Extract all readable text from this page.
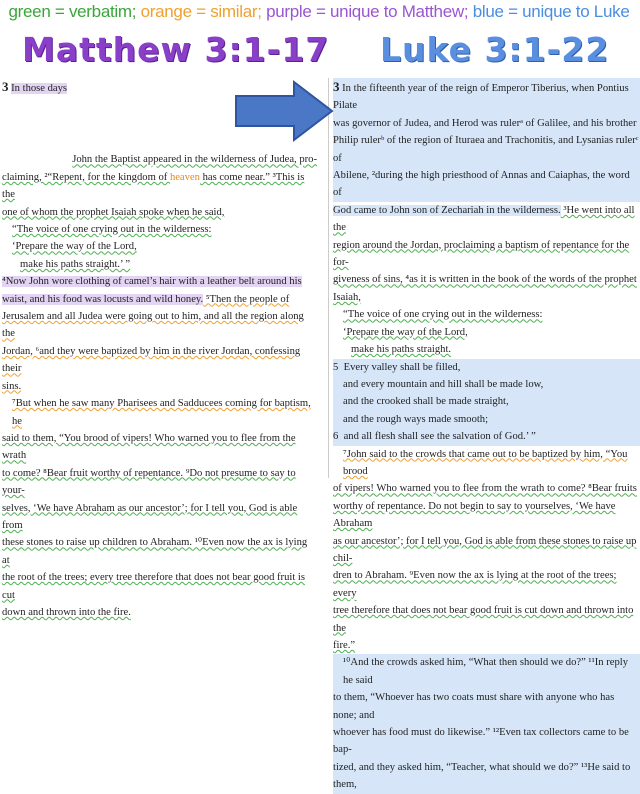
green = verbatim; orange = similar; purple = unique to Matthew; blue = unique to Luke
Matthew 3:1-17 Luke 3:1-22

3 In those days

John the Baptist appeared in the wilderness of Judea, pro-

claiming, ²“Repent, for the kingdom of heaven has come near.” ³This is the

one of whom the prophet Isaiah spoke when he said,

“The voice of one crying out in the wilderness:

‘Prepare the way of the Lord,

make his paths straight.’ ”

⁴Now John wore clothing of camel’s hair with a leather belt around his

waist, and his food was locusts and wild honey. ⁵Then the people of

Jerusalem and all Judea were going out to him, and all the region along the

Jordan, ⁶and they were baptized by him in the river Jordan, confessing their

sins.

⁷But when he saw many Pharisees and Sadducees coming for baptism, he

said to them, “You brood of vipers! Who warned you to flee from the wrath

to come? ⁸Bear fruit worthy of repentance. ⁹Do not presume to say to your-

selves, ‘We have Abraham as our ancestor’; for I tell you, God is able from

these stones to raise up children to Abraham. ¹⁰Even now the ax is lying at

the root of the trees; every tree therefore that does not bear good fruit is cut

down and thrown into the fire.

3 In the fifteenth year of the reign of Emperor Tiberius, when Pontius Pilate

was governor of Judea, and Herod was rulerᵃ of Galilee, and his brother

Philip rulerᵇ of the region of Ituraea and Trachonitis, and Lysanias rulerᶜ of

Abilene, ²during the high priesthood of Annas and Caiaphas, the word of

God came to John son of Zechariah in the wilderness. ³He went into all the

region around the Jordan, proclaiming a baptism of repentance for the for-

giveness of sins, ⁴as it is written in the book of the words of the prophet

Isaiah,

“The voice of one crying out in the wilderness:

‘Prepare the way of the Lord,

make his paths straight.

5 Every valley shall be filled,

and every mountain and hill shall be made low,

and the crooked shall be made straight,

and the rough ways made smooth;

6 and all flesh shall see the salvation of God.’ ”

⁷John said to the crowds that came out to be baptized by him, “You brood

of vipers! Who warned you to flee from the wrath to come? ⁸Bear fruits

worthy of repentance. Do not begin to say to yourselves, ‘We have Abraham

as our ancestor’; for I tell you, God is able from these stones to raise up chil-

dren to Abraham. ⁹Even now the ax is lying at the root of the trees; every

tree therefore that does not bear good fruit is cut down and thrown into the

fire.”

¹⁰And the crowds asked him, “What then should we do?” ¹¹In reply he said

to them, “Whoever has two coats must share with anyone who has none; and

whoever has food must do likewise.” ¹²Even tax collectors came to be bap-

tized, and they asked him, “Teacher, what should we do?” ¹³He said to them,
